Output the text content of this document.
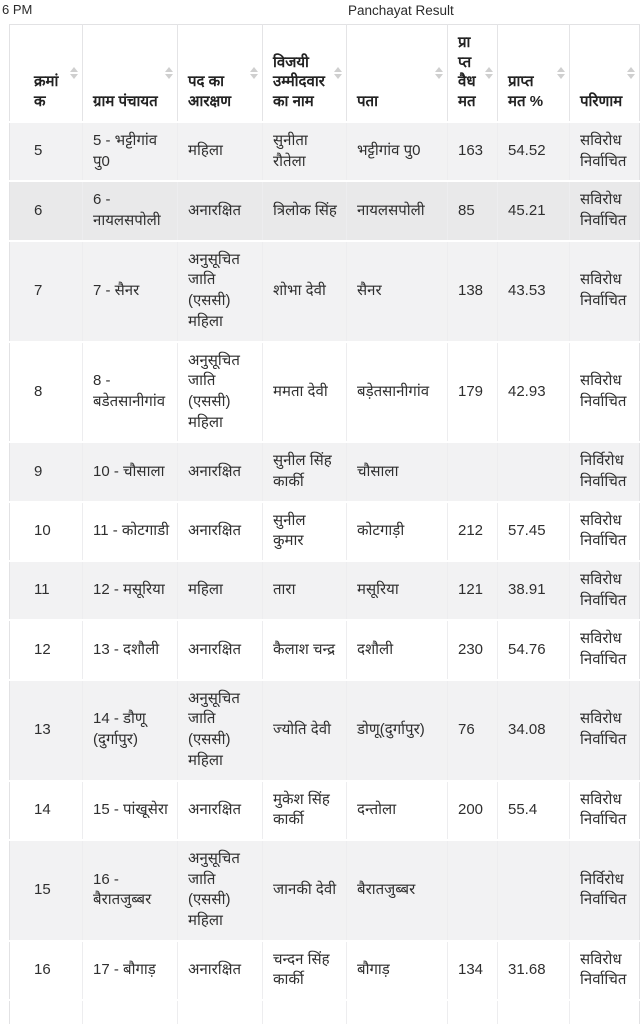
6 PM	Panchayat Result
क्रमांक	ग्राम पंचायत	पद का आरक्षण	विजयी उम्मीदवार का नाम	पता	प्राप्त वैध मत	प्राप्त मत %	परिणाम

5	5 - भट्टीगांव पु0	महिला	सुनीता रौतेला	भट्टीगांव पु0	163	54.52	सविरोध निर्वाचित
6	6 - नायलसपोली	अनारक्षित	त्रिलोक सिंह	नायलसपोली	85	45.21	सविरोध निर्वाचित
7	7 - सैनर	अनुसूचित जाति (एससी) महिला	शोभा देवी	सैनर	138	43.53	सविरोध निर्वाचित
8	8 - बडेतसानीगांव	अनुसूचित जाति (एससी) महिला	ममता देवी	बड़ेतसानीगांव	179	42.93	सविरोध निर्वाचित
9	10 - चौसाला	अनारक्षित	सुनील सिंह कार्की	चौसाला			निर्विरोध निर्वाचित
10	11 - कोटगाडी	अनारक्षित	सुनील कुमार	कोटगाड़ी	212	57.45	सविरोध निर्वाचित
11	12 - मसूरिया	महिला	तारा	मसूरिया	121	38.91	सविरोध निर्वाचित
12	13 - दशौली	अनारक्षित	कैलाश चन्द्र	दशौली	230	54.76	सविरोध निर्वाचित
13	14 - डौणू (दुर्गापुर)	अनुसूचित जाति (एससी) महिला	ज्योति देवी	डोणू(दुर्गापुर)	76	34.08	सविरोध निर्वाचित
14	15 - पांखूसेरा	अनारक्षित	मुकेश सिंह कार्की	दन्तोला	200	55.4	सविरोध निर्वाचित
15	16 - बैरातजुब्बर	अनुसूचित जाति (एससी) महिला	जानकी देवी	बैरातजुब्बर			निर्विरोध निर्वाचित
16	17 - बौगाड़	अनारक्षित	चन्दन सिंह कार्की	बौगाड़	134	31.68	सविरोध निर्वाचित
